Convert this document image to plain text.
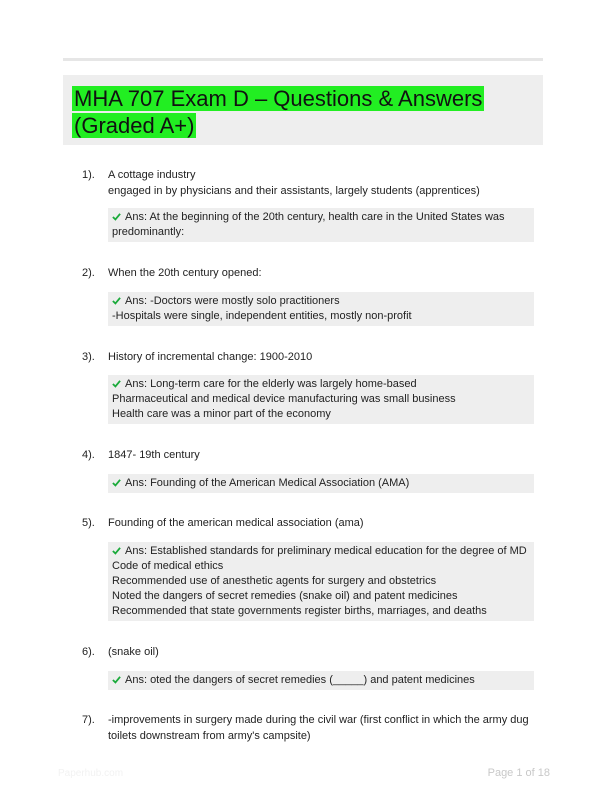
MHA 707 Exam D – Questions & Answers (Graded A+)
1). A cottage industry
engaged in by physicians and their assistants, largely students (apprentices)
Ans: At the beginning of the 20th century, health care in the United States was
predominantly:
2). When the 20th century opened:
Ans: -Doctors were mostly solo practitioners
-Hospitals were single, independent entities, mostly non-profit
3). History of incremental change: 1900-2010
Ans: Long-term care for the elderly was largely home-based
Pharmaceutical and medical device manufacturing was small business
Health care was a minor part of the economy
4). 1847- 19th century
Ans: Founding of the American Medical Association (AMA)
5). Founding of the american medical association (ama)
Ans: Established standards for preliminary medical education for the degree of MD
Code of medical ethics
Recommended use of anesthetic agents for surgery and obstetrics
Noted the dangers of secret remedies (snake oil) and patent medicines
Recommended that state governments register births, marriages, and deaths
6). (snake oil)
Ans: oted the dangers of secret remedies (_____) and patent medicines
7). -improvements in surgery made during the civil war (first conflict in which the army dug
toilets downstream from army's campsite)
Paperhub.com	Page 1 of 18
